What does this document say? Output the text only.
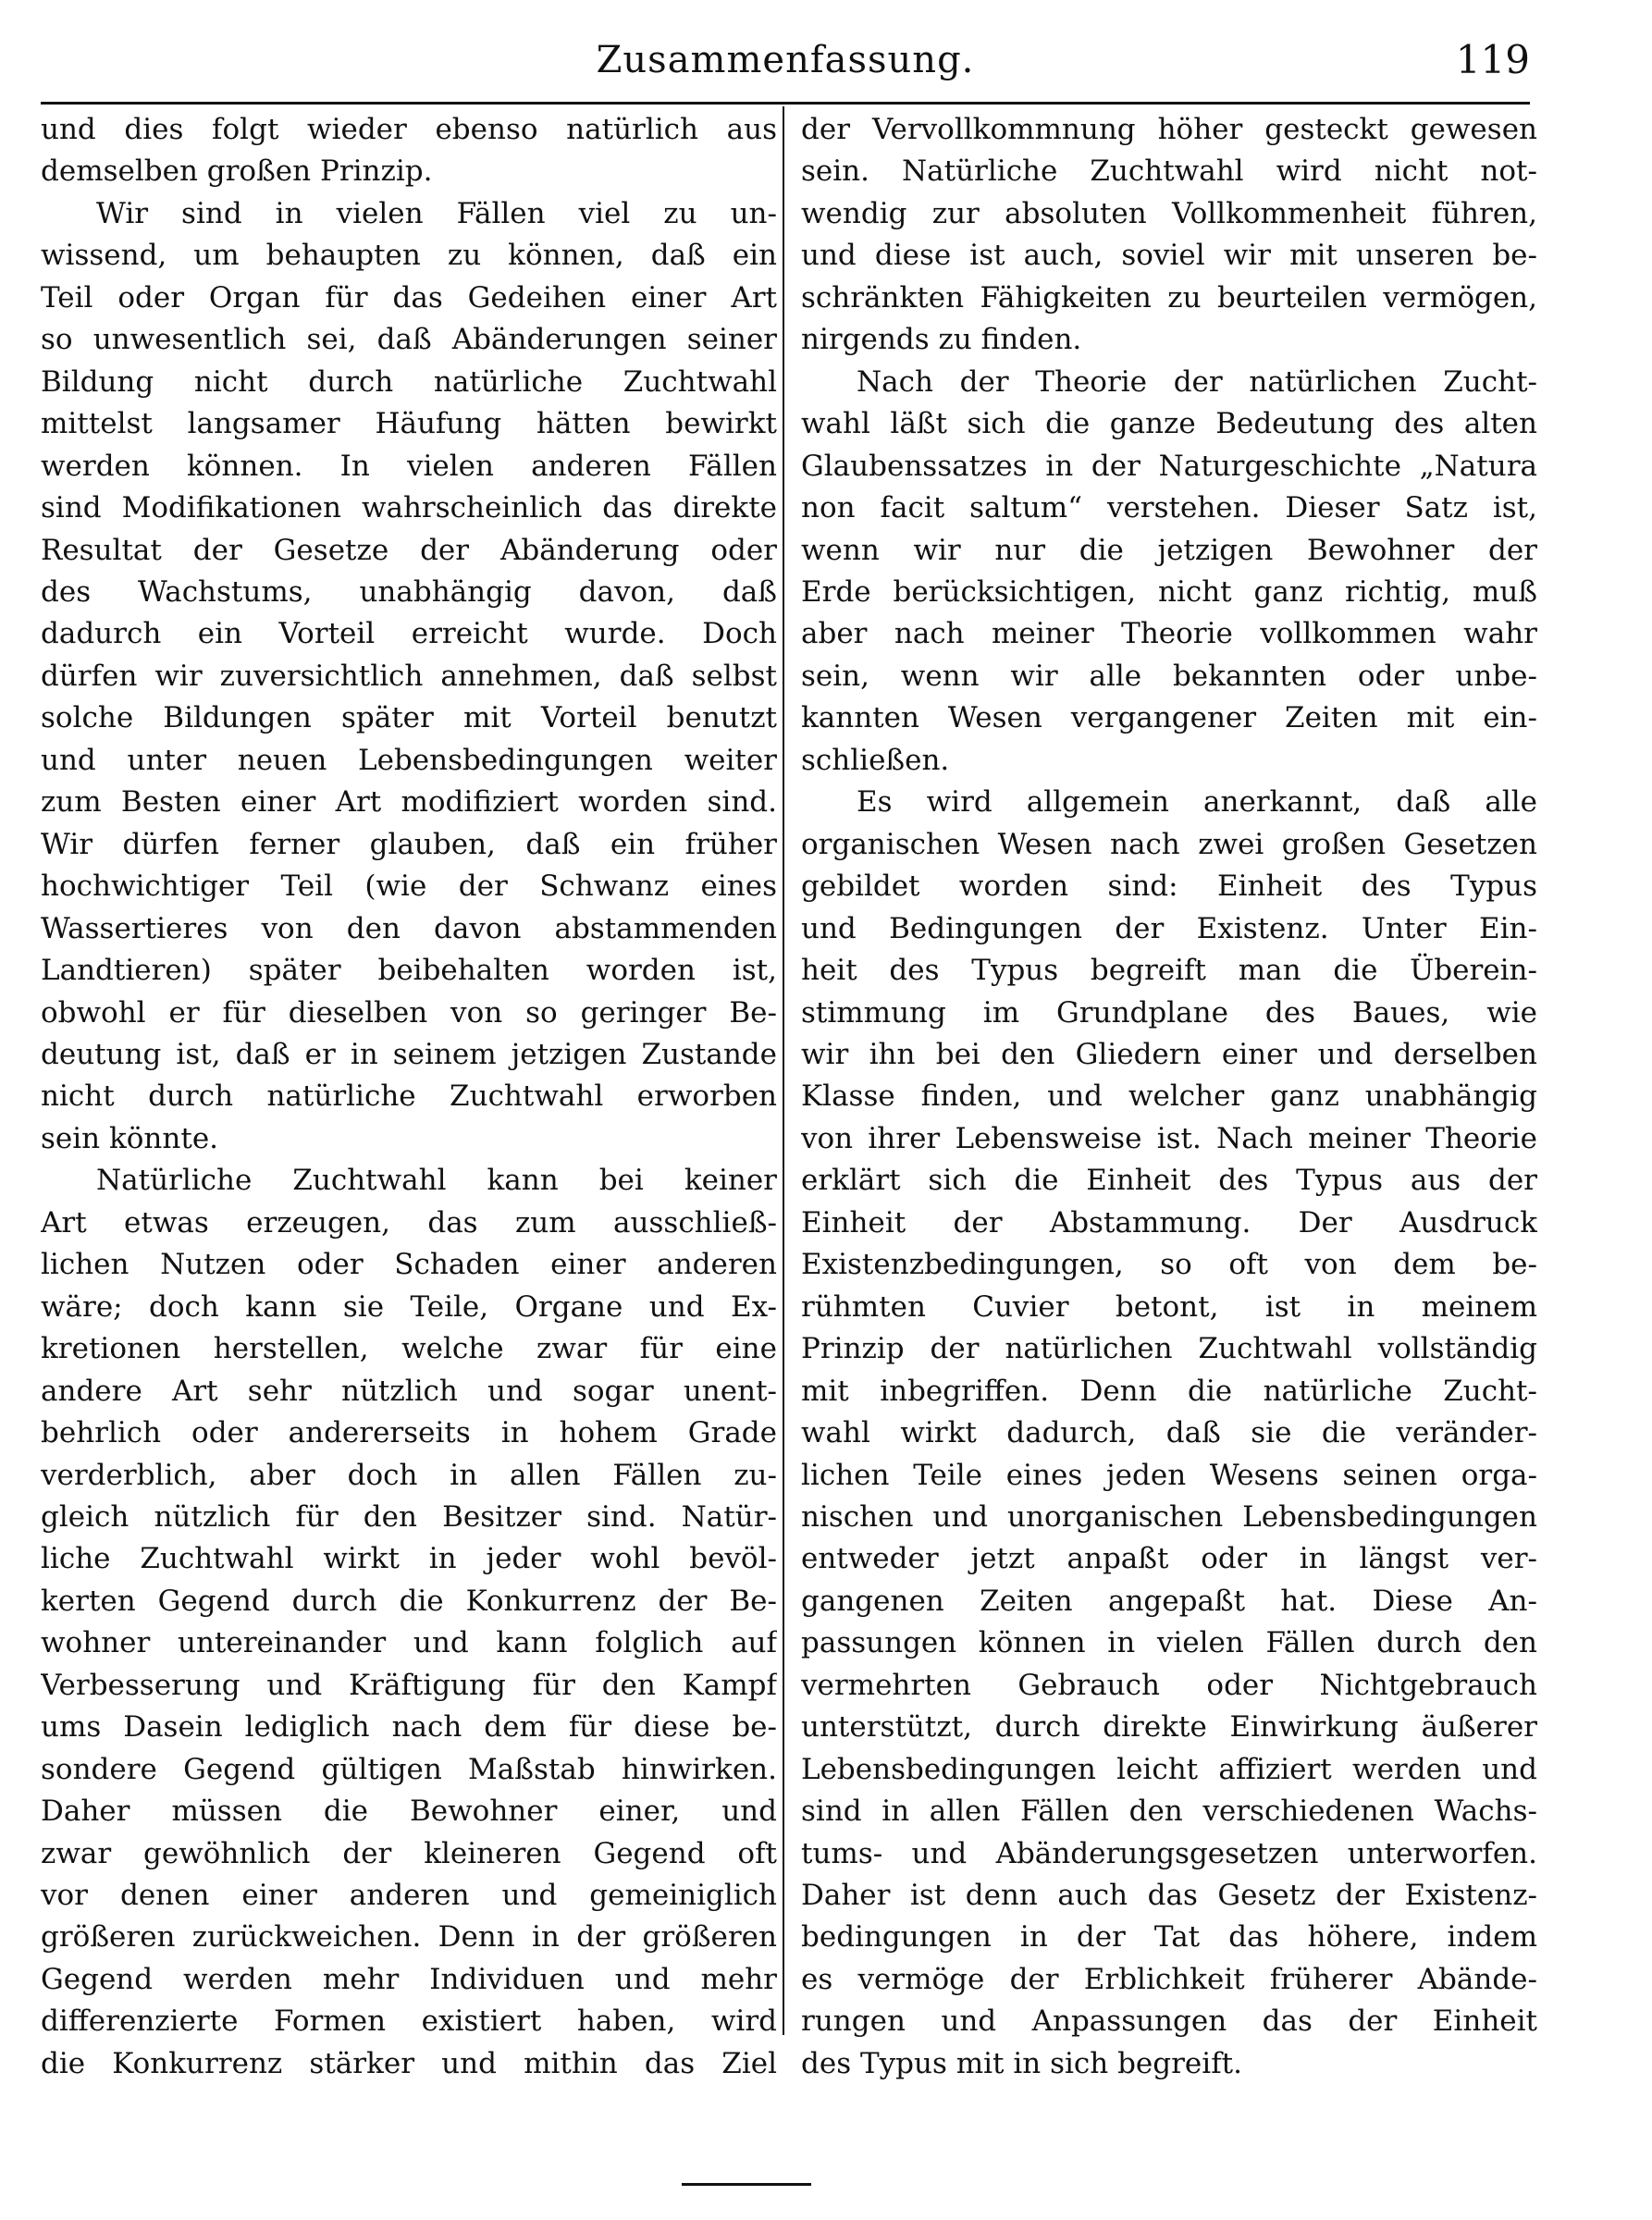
Zusammenfassung.	119
und dies folgt wieder ebenso natürlich aus
demselben großen Prinzip.
Wir sind in vielen Fällen viel zu un-
wissend, um behaupten zu können, daß ein
Teil oder Organ für das Gedeihen einer Art
so unwesentlich sei, daß Abänderungen seiner
Bildung nicht durch natürliche Zuchtwahl
mittelst langsamer Häufung hätten bewirkt
werden können. In vielen anderen Fällen
sind Modifikationen wahrscheinlich das direkte
Resultat der Gesetze der Abänderung oder
des Wachstums, unabhängig davon, daß
dadurch ein Vorteil erreicht wurde. Doch
dürfen wir zuversichtlich annehmen, daß selbst
solche Bildungen später mit Vorteil benutzt
und unter neuen Lebensbedingungen weiter
zum Besten einer Art modifiziert worden sind.
Wir dürfen ferner glauben, daß ein früher
hochwichtiger Teil (wie der Schwanz eines
Wassertieres von den davon abstammenden
Landtieren) später beibehalten worden ist,
obwohl er für dieselben von so geringer Be-
deutung ist, daß er in seinem jetzigen Zustande
nicht durch natürliche Zuchtwahl erworben
sein könnte.
Natürliche Zuchtwahl kann bei keiner
Art etwas erzeugen, das zum ausschließ-
lichen Nutzen oder Schaden einer anderen
wäre; doch kann sie Teile, Organe und Ex-
kretionen herstellen, welche zwar für eine
andere Art sehr nützlich und sogar unent-
behrlich oder andererseits in hohem Grade
verderblich, aber doch in allen Fällen zu-
gleich nützlich für den Besitzer sind. Natür-
liche Zuchtwahl wirkt in jeder wohl bevöl-
kerten Gegend durch die Konkurrenz der Be-
wohner untereinander und kann folglich auf
Verbesserung und Kräftigung für den Kampf
ums Dasein lediglich nach dem für diese be-
sondere Gegend gültigen Maßstab hinwirken.
Daher müssen die Bewohner einer, und
zwar gewöhnlich der kleineren Gegend oft
vor denen einer anderen und gemeiniglich
größeren zurückweichen. Denn in der größeren
Gegend werden mehr Individuen und mehr
differenzierte Formen existiert haben, wird
die Konkurrenz stärker und mithin das Ziel
der Vervollkommnung höher gesteckt gewesen
sein. Natürliche Zuchtwahl wird nicht not-
wendig zur absoluten Vollkommenheit führen,
und diese ist auch, soviel wir mit unseren be-
schränkten Fähigkeiten zu beurteilen vermögen,
nirgends zu finden.
Nach der Theorie der natürlichen Zucht-
wahl läßt sich die ganze Bedeutung des alten
Glaubenssatzes in der Naturgeschichte „Natura
non facit saltum“ verstehen. Dieser Satz ist,
wenn wir nur die jetzigen Bewohner der
Erde berücksichtigen, nicht ganz richtig, muß
aber nach meiner Theorie vollkommen wahr
sein, wenn wir alle bekannten oder unbe-
kannten Wesen vergangener Zeiten mit ein-
schließen.
Es wird allgemein anerkannt, daß alle
organischen Wesen nach zwei großen Gesetzen
gebildet worden sind: Einheit des Typus
und Bedingungen der Existenz. Unter Ein-
heit des Typus begreift man die Überein-
stimmung im Grundplane des Baues, wie
wir ihn bei den Gliedern einer und derselben
Klasse finden, und welcher ganz unabhängig
von ihrer Lebensweise ist. Nach meiner Theorie
erklärt sich die Einheit des Typus aus der
Einheit der Abstammung. Der Ausdruck
Existenzbedingungen, so oft von dem be-
rühmten Cuvier betont, ist in meinem
Prinzip der natürlichen Zuchtwahl vollständig
mit inbegriffen. Denn die natürliche Zucht-
wahl wirkt dadurch, daß sie die veränder-
lichen Teile eines jeden Wesens seinen orga-
nischen und unorganischen Lebensbedingungen
entweder jetzt anpaßt oder in längst ver-
gangenen Zeiten angepaßt hat. Diese An-
passungen können in vielen Fällen durch den
vermehrten Gebrauch oder Nichtgebrauch
unterstützt, durch direkte Einwirkung äußerer
Lebensbedingungen leicht affiziert werden und
sind in allen Fällen den verschiedenen Wachs-
tums- und Abänderungsgesetzen unterworfen.
Daher ist denn auch das Gesetz der Existenz-
bedingungen in der Tat das höhere, indem
es vermöge der Erblichkeit früherer Abände-
rungen und Anpassungen das der Einheit
des Typus mit in sich begreift.
